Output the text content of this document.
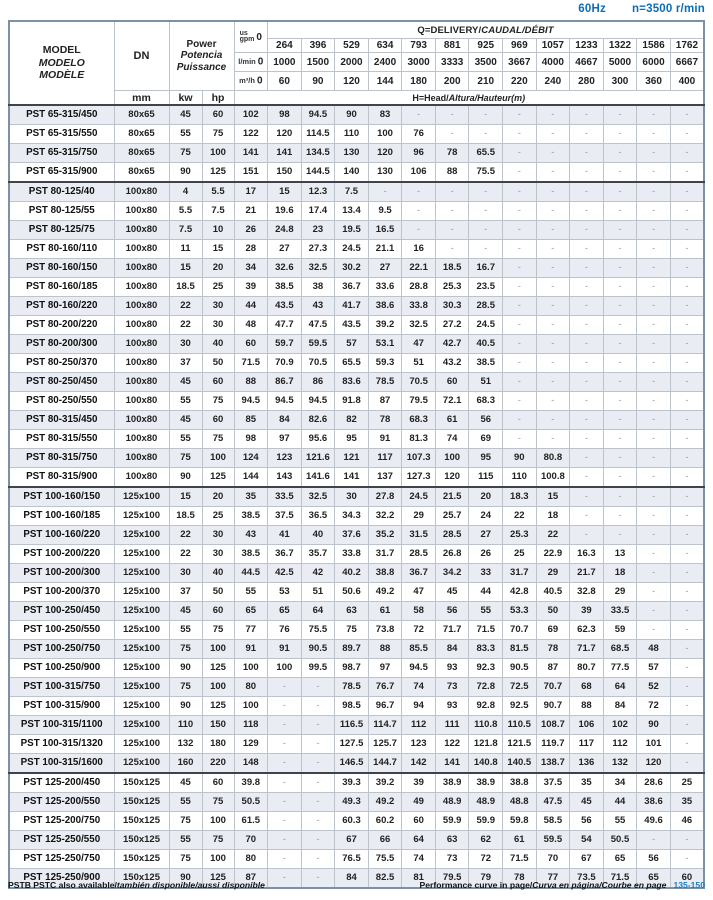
60Hz n=3500 r/min
MODEL
MODELO
MODÈLE
	DN	
Power
Potencia
Puissance
	us
gpm 0	Q=DELIVERY/CAUDAL/DÉBIT
					264	396	529	634	793	881	925	969	1057	1233	1322	1586	1762
				l/min 0	1000	1500	2000	2400	3000	3333	3500	3667	4000	4667	5000	6000	6667
				m³/h 0	60	90	120	144	180	200	210	220	240	280	300	360	400
	mm	kw	hp	H=Head/Altura/Hauteur(m)													
PST 65-315/450	80x65	45	60	102	98	94.5	90	83	-	-	-	-	-	-	-	-	-
PST 65-315/550	80x65	55	75	122	120	114.5	110	100	76	-	-	-	-	-	-	-	-
PST 65-315/750	80x65	75	100	141	141	134.5	130	120	96	78	65.5	-	-	-	-	-	-
PST 65-315/900	80x65	90	125	151	150	144.5	140	130	106	88	75.5	-	-	-	-	-	-
PST 80-125/40	100x80	4	5.5	17	15	12.3	7.5	-	-	-	-	-	-	-	-	-	-
PST 80-125/55	100x80	5.5	7.5	21	19.6	17.4	13.4	9.5	-	-	-	-	-	-	-	-	-
PST 80-125/75	100x80	7.5	10	26	24.8	23	19.5	16.5	-	-	-	-	-	-	-	-	-
PST 80-160/110	100x80	11	15	28	27	27.3	24.5	21.1	16	-	-	-	-	-	-	-	-
PST 80-160/150	100x80	15	20	34	32.6	32.5	30.2	27	22.1	18.5	16.7	-	-	-	-	-	-
PST 80-160/185	100x80	18.5	25	39	38.5	38	36.7	33.6	28.8	25.3	23.5	-	-	-	-	-	-
PST 80-160/220	100x80	22	30	44	43.5	43	41.7	38.6	33.8	30.3	28.5	-	-	-	-	-	-
PST 80-200/220	100x80	22	30	48	47.7	47.5	43.5	39.2	32.5	27.2	24.5	-	-	-	-	-	-
PST 80-200/300	100x80	30	40	60	59.7	59.5	57	53.1	47	42.7	40.5	-	-	-	-	-	-
PST 80-250/370	100x80	37	50	71.5	70.9	70.5	65.5	59.3	51	43.2	38.5	-	-	-	-	-	-
PST 80-250/450	100x80	45	60	88	86.7	86	83.6	78.5	70.5	60	51	-	-	-	-	-	-
PST 80-250/550	100x80	55	75	94.5	94.5	94.5	91.8	87	79.5	72.1	68.3	-	-	-	-	-	-
PST 80-315/450	100x80	45	60	85	84	82.6	82	78	68.3	61	56	-	-	-	-	-	-
PST 80-315/550	100x80	55	75	98	97	95.6	95	91	81.3	74	69	-	-	-	-	-	-
PST 80-315/750	100x80	75	100	124	123	121.6	121	117	107.3	100	95	90	80.8	-	-	-	-
PST 80-315/900	100x80	90	125	144	143	141.6	141	137	127.3	120	115	110	100.8	-	-	-	-
PST 100-160/150	125x100	15	20	35	33.5	32.5	30	27.8	24.5	21.5	20	18.3	15	-	-	-	-
PST 100-160/185	125x100	18.5	25	38.5	37.5	36.5	34.3	32.2	29	25.7	24	22	18	-	-	-	-
PST 100-160/220	125x100	22	30	43	41	40	37.6	35.2	31.5	28.5	27	25.3	22	-	-	-	-
PST 100-200/220	125x100	22	30	38.5	36.7	35.7	33.8	31.7	28.5	26.8	26	25	22.9	16.3	13	-	-
PST 100-200/300	125x100	30	40	44.5	42.5	42	40.2	38.8	36.7	34.2	33	31.7	29	21.7	18	-	-
PST 100-200/370	125x100	37	50	55	53	51	50.6	49.2	47	45	44	42.8	40.5	32.8	29	-	-
PST 100-250/450	125x100	45	60	65	65	64	63	61	58	56	55	53.3	50	39	33.5	-	-
PST 100-250/550	125x100	55	75	77	76	75.5	75	73.8	72	71.7	71.5	70.7	69	62.3	59	-	-
PST 100-250/750	125x100	75	100	91	91	90.5	89.7	88	85.5	84	83.3	81.5	78	71.7	68.5	48	-
PST 100-250/900	125x100	90	125	100	100	99.5	98.7	97	94.5	93	92.3	90.5	87	80.7	77.5	57	-
PST 100-315/750	125x100	75	100	80	-	-	78.5	76.7	74	73	72.8	72.5	70.7	68	64	52	-
PST 100-315/900	125x100	90	125	100	-	-	98.5	96.7	94	93	92.8	92.5	90.7	88	84	72	-
PST 100-315/1100	125x100	110	150	118	-	-	116.5	114.7	112	111	110.8	110.5	108.7	106	102	90	-
PST 100-315/1320	125x100	132	180	129	-	-	127.5	125.7	123	122	121.8	121.5	119.7	117	112	101	-
PST 100-315/1600	125x100	160	220	148	-	-	146.5	144.7	142	141	140.8	140.5	138.7	136	132	120	-
PST 125-200/450	150x125	45	60	39.8	-	-	39.3	39.2	39	38.9	38.9	38.8	37.5	35	34	28.6	25
PST 125-200/550	150x125	55	75	50.5	-	-	49.3	49.2	49	48.9	48.9	48.8	47.5	45	44	38.6	35
PST 125-200/750	150x125	75	100	61.5	-	-	60.3	60.2	60	59.9	59.9	59.8	58.5	56	55	49.6	46
PST 125-250/550	150x125	55	75	70	-	-	67	66	64	63	62	61	59.5	54	50.5	-	-
PST 125-250/750	150x125	75	100	80	-	-	76.5	75.5	74	73	72	71.5	70	67	65	56	-
PST 125-250/900	150x125	90	125	87	-	-	84	82.5	81	79.5	79	78	77	73.5	71.5	65	60
PSTB PSTC also available/también disponible/aussi disponible	Performance curve in page/Curva en página/Courbe en page 135-150
